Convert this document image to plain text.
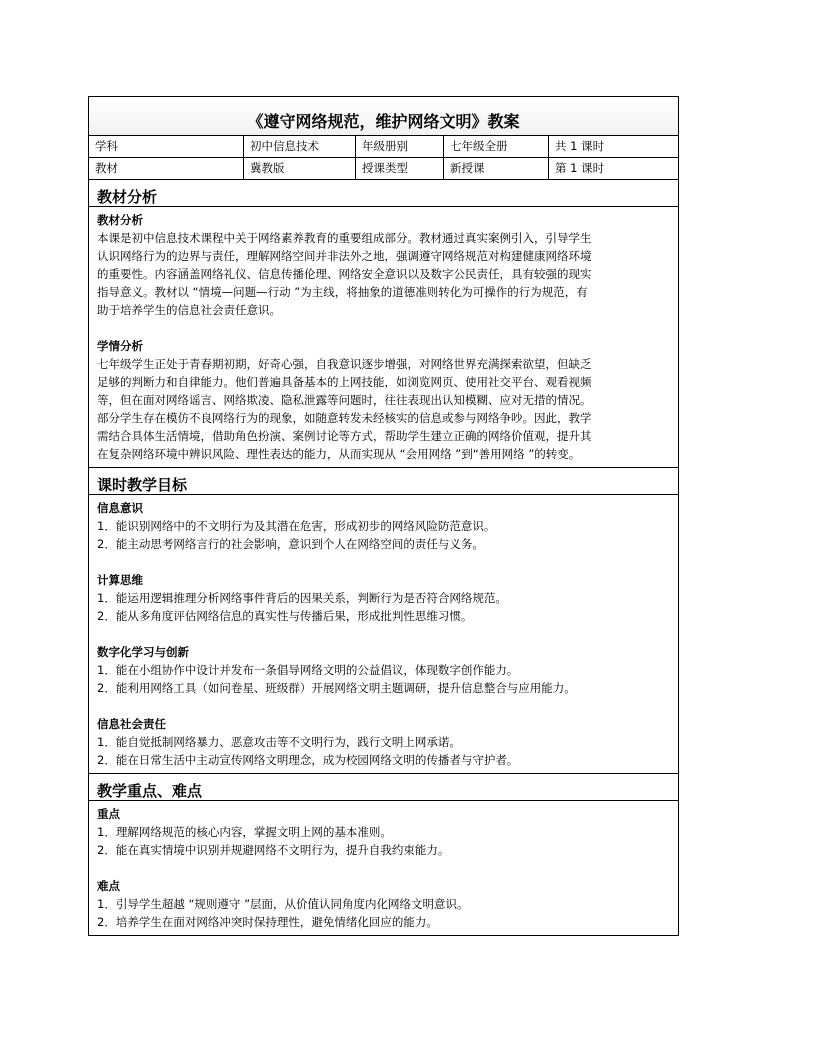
《遵守网络规范，维护网络文明》教案
学科	初中信息技术	年级册别	七年级全册	共 1 课时
教材	冀教版	授课类型	新授课	第 1 课时
教材分析

教材分析

本课是初中信息技术课程中关于网络素养教育的重要组成部分。教材通过真实案例引入，引导学生

认识网络行为的边界与责任，理解网络空间并非法外之地，强调遵守网络规范对构建健康网络环境

的重要性。内容涵盖网络礼仪、信息传播伦理、网络安全意识以及数字公民责任，具有较强的现实

指导意义。教材以 “情境—问题—行动 ”为主线，将抽象的道德准则转化为可操作的行为规范，有

助于培养学生的信息社会责任意识。

学情分析

七年级学生正处于青春期初期，好奇心强，自我意识逐步增强，对网络世界充满探索欲望，但缺乏

足够的判断力和自律能力。他们普遍具备基本的上网技能，如浏览网页、使用社交平台、观看视频

等，但在面对网络谣言、网络欺凌、隐私泄露等问题时，往往表现出认知模糊、应对无措的情况。

部分学生存在模仿不良网络行为的现象，如随意转发未经核实的信息或参与网络争吵。因此，教学

需结合具体生活情境，借助角色扮演、案例讨论等方式，帮助学生建立正确的网络价值观，提升其

在复杂网络环境中辨识风险、理性表达的能力，从而实现从 “会用网络 ”到“善用网络 ”的转变。

课时教学目标

信息意识

1．能识别网络中的不文明行为及其潜在危害，形成初步的网络风险防范意识。

2．能主动思考网络言行的社会影响，意识到个人在网络空间的责任与义务。

计算思维

1．能运用逻辑推理分析网络事件背后的因果关系，判断行为是否符合网络规范。

2．能从多角度评估网络信息的真实性与传播后果，形成批判性思维习惯。

数字化学习与创新

1．能在小组协作中设计并发布一条倡导网络文明的公益倡议，体现数字创作能力。

2．能利用网络工具（如问卷星、班级群）开展网络文明主题调研，提升信息整合与应用能力。

信息社会责任

1．能自觉抵制网络暴力、恶意攻击等不文明行为，践行文明上网承诺。

2．能在日常生活中主动宣传网络文明理念，成为校园网络文明的传播者与守护者。

教学重点、难点

重点

1．理解网络规范的核心内容，掌握文明上网的基本准则。

2．能在真实情境中识别并规避网络不文明行为，提升自我约束能力。

难点

1．引导学生超越 “规则遵守 ”层面，从价值认同角度内化网络文明意识。

2．培养学生在面对网络冲突时保持理性，避免情绪化回应的能力。
